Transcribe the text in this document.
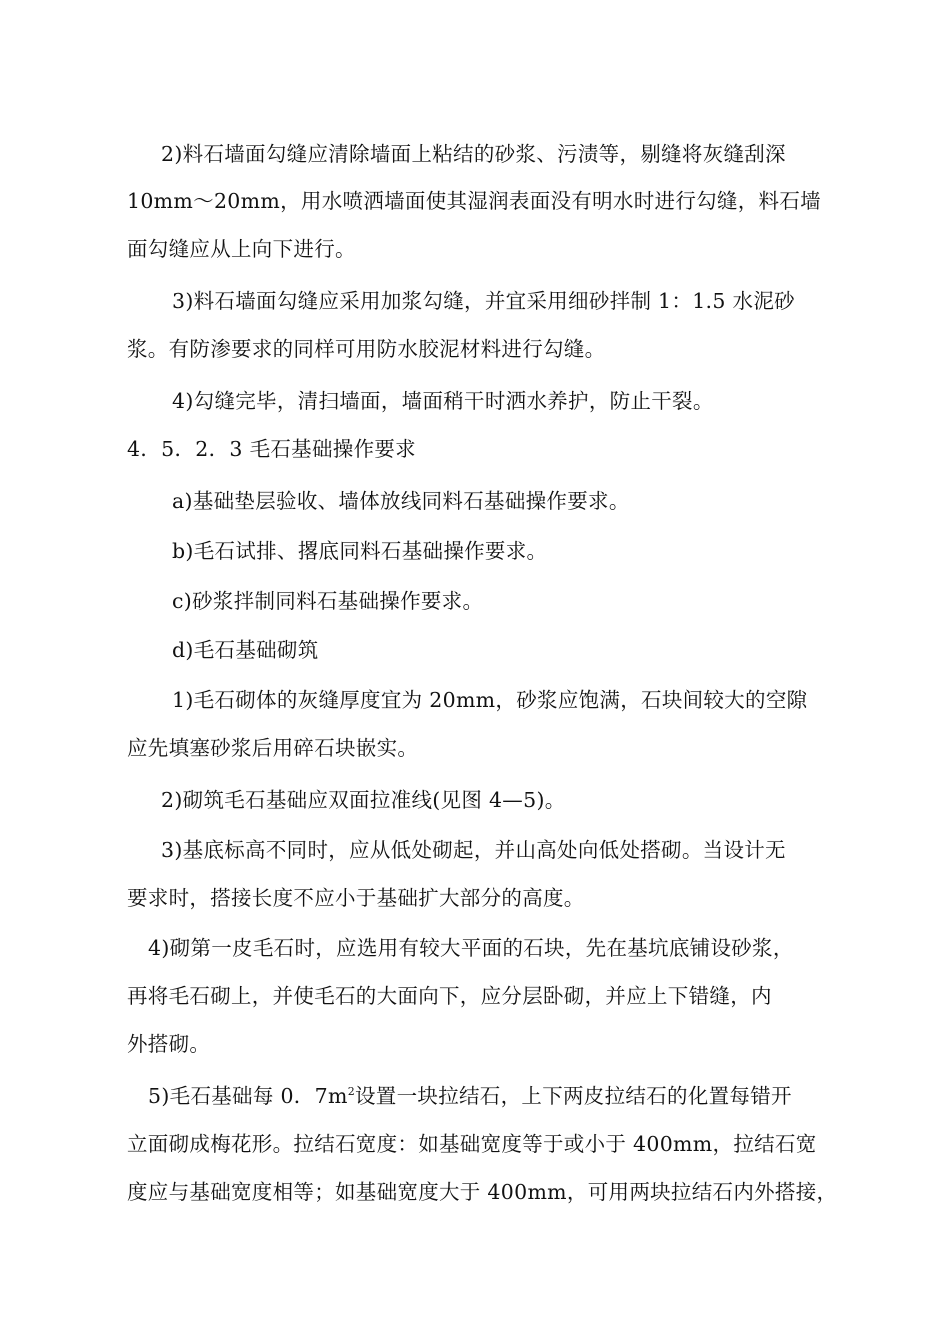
2)料石墙面勾缝应清除墙面上粘结的砂浆、污渍等，剔缝将灰缝刮深
10mm～20mm，用水喷洒墙面使其湿润表面没有明水时进行勾缝，料石墙
面勾缝应从上向下进行。
3)料石墙面勾缝应采用加浆勾缝，并宜采用细砂拌制 1：1.5 水泥砂
浆。有防渗要求的同样可用防水胶泥材料进行勾缝。
4)勾缝完毕，清扫墙面，墙面稍干时洒水养护，防止干裂。
4．5．2．3 毛石基础操作要求
a)基础垫层验收、墙体放线同料石基础操作要求。
b)毛石试排、撂底同料石基础操作要求。
c)砂浆拌制同料石基础操作要求。
d)毛石基础砌筑
1)毛石砌体的灰缝厚度宜为 20mm，砂浆应饱满，石块间较大的空隙
应先填塞砂浆后用碎石块嵌实。
2)砌筑毛石基础应双面拉准线(见图 4—5)。
3)基底标高不同时，应从低处砌起，并山高处向低处搭砌。当设计无
要求时，搭接长度不应小于基础扩大部分的高度。
4)砌第一皮毛石时，应选用有较大平面的石块，先在基坑底铺设砂浆，
再将毛石砌上，并使毛石的大面向下，应分层卧砌，并应上下错缝，内
外搭砌。
5)毛石基础每 0．$7m^2$设置一块拉结石，上下两皮拉结石的化置每错开
立面砌成梅花形。拉结石宽度：如基础宽度等于或小于 400mm，拉结石宽
度应与基础宽度相等；如基础宽度大于 400mm，可用两块拉结石内外搭接，
